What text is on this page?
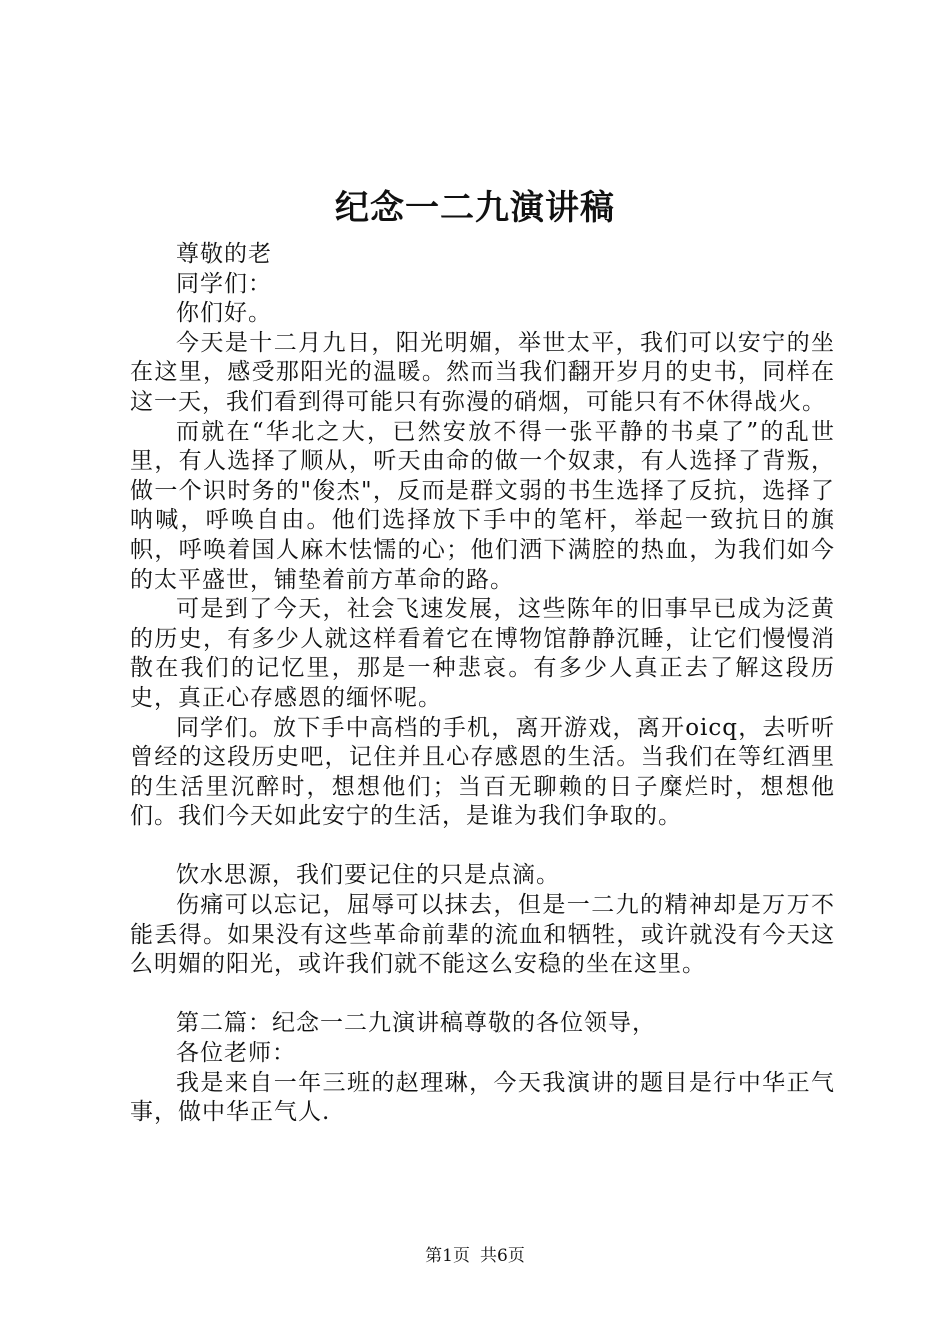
纪念一二九演讲稿

尊敬的老

同学们：

你们好。

今天是十二月九日，阳光明媚，举世太平，我们可以安宁的坐在这里，感受那阳光的温暖。然而当我们翻开岁月的史书，同样在这一天，我们看到得可能只有弥漫的硝烟，可能只有不休得战火。

而就在“华北之大，已然安放不得一张平静的书桌了”的乱世里，有人选择了顺从，听天由命的做一个奴隶，有人选择了背叛，做一个识时务的"俊杰"，反而是群文弱的书生选择了反抗，选择了呐喊，呼唤自由。他们选择放下手中的笔杆，举起一致抗日的旗帜，呼唤着国人麻木怯懦的心；他们洒下满腔的热血，为我们如今的太平盛世，铺垫着前方革命的路。

可是到了今天，社会飞速发展，这些陈年的旧事早已成为泛黄的历史，有多少人就这样看着它在博物馆静静沉睡，让它们慢慢消散在我们的记忆里，那是一种悲哀。有多少人真正去了解这段历史，真正心存感恩的缅怀呢。

同学们。放下手中高档的手机，离开游戏，离开oicq，去听听曾经的这段历史吧，记住并且心存感恩的生活。当我们在等红酒里的生活里沉醉时，想想他们；当百无聊赖的日子糜烂时，想想他们。我们今天如此安宁的生活，是谁为我们争取的。

饮水思源，我们要记住的只是点滴。

伤痛可以忘记，屈辱可以抹去，但是一二九的精神却是万万不能丢得。如果没有这些革命前辈的流血和牺牲，或许就没有今天这么明媚的阳光，或许我们就不能这么安稳的坐在这里。

第二篇：纪念一二九演讲稿尊敬的各位领导，

各位老师：

我是来自一年三班的赵理琳，今天我演讲的题目是行中华正气事，做中华正气人.

第1页 共6页
